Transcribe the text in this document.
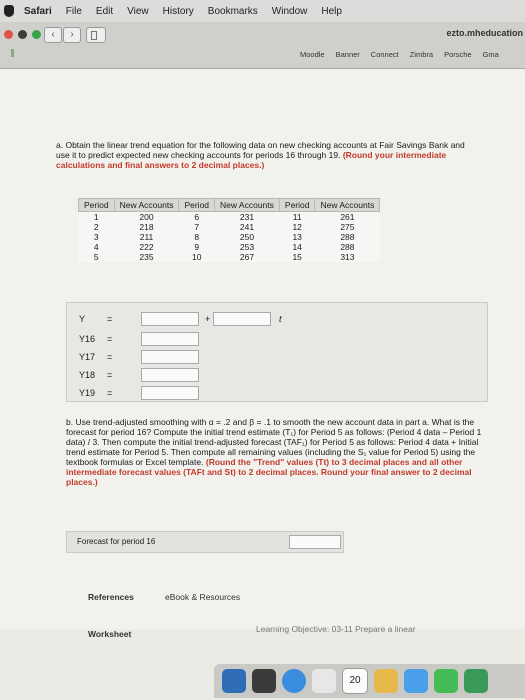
Safari File Edit View History Bookmarks Window Help
‹	›	ezto.mheducation
Moodle Banner Connect Zimbra Porsche Gma
a. Obtain the linear trend equation for the following data on new checking accounts at Fair Savings Bank and use it to predict expected new checking accounts for periods 16 through 19. (Round your intermediate calculations and final answers to 2 decimal places.)
Period	New Accounts	Period	New Accounts	Period	New Accounts
1	200	6	231	11	261
2	218	7	241	12	275
3	211	8	250	13	288
4	222	9	253	14	288
5	235	10	267	15	313
Y =	+	t
Y16 =
Y17 =
Y18 =
Y19 =
b. Use trend-adjusted smoothing with α = .2 and β = .1 to smooth the new account data in part a. What is the forecast for period 16? Compute the initial trend estimate (T₁) for Period 5 as follows: (Period 4 data – Period 1 data) / 3. Then compute the initial trend-adjusted forecast (TAF₁) for Period 5 as follows: Period 4 data + Initial trend estimate for Period 5. Then compute all remaining values (including the S₁ value for Period 5) using the textbook formulas or Excel template. (Round the "Trend" values (Tt) to 3 decimal places and all other intermediate forecast values (TAFt and St) to 2 decimal places. Round your final answer to 2 decimal places.)
Forecast for period 16
References	eBook & Resources
Worksheet	Learning Objective: 03-11 Prepare a linear
20
